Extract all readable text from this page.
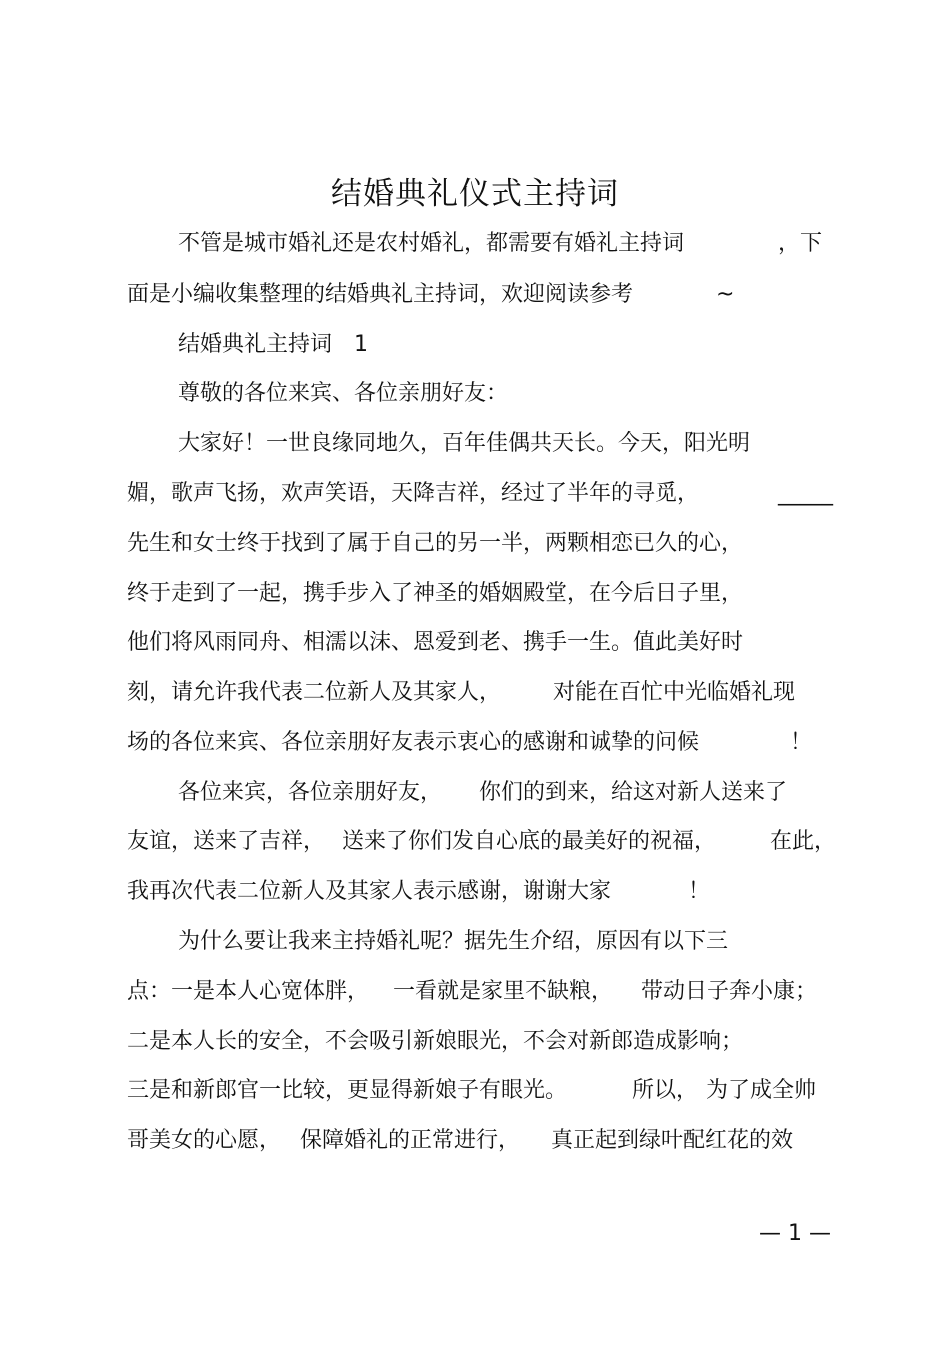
结婚典礼仪式主持词
不管是城市婚礼还是农村婚礼，都需要有婚礼主持词	，下
面是小编收集整理的结婚典礼主持词，欢迎阅读参考	~
结婚典礼主持词　1
尊敬的各位来宾、各位亲朋好友：
大家好！一世良缘同地久，百年佳偶共天长。今天，阳光明
媚，歌声飞扬，欢声笑语，天降吉祥，经过了半年的寻觅，	_____
先生和女士终于找到了属于自己的另一半，两颗相恋已久的心，
终于走到了一起，携手步入了神圣的婚姻殿堂，在今后日子里，
他们将风雨同舟、相濡以沫、恩爱到老、携手一生。值此美好时
刻，请允许我代表二位新人及其家人， 对能在百忙中光临婚礼现
场的各位来宾、各位亲朋好友表示衷心的感谢和诚挚的问候	！
各位来宾，各位亲朋好友， 你们的到来，给这对新人送来了
友谊，送来了吉祥， 送来了你们发自心底的最美好的祝福， 在此，
我再次代表二位新人及其家人表示感谢，谢谢大家	！
为什么要让我来主持婚礼呢？据先生介绍，原因有以下三
点：一是本人心宽体胖， 一看就是家里不缺粮， 带动日子奔小康；
二是本人长的安全，不会吸引新娘眼光，不会对新郎造成影响；
三是和新郎官一比较，更显得新娘子有眼光。	所以， 为了成全帅
哥美女的心愿， 保障婚礼的正常进行， 真正起到绿叶配红花的效
— 1 —
